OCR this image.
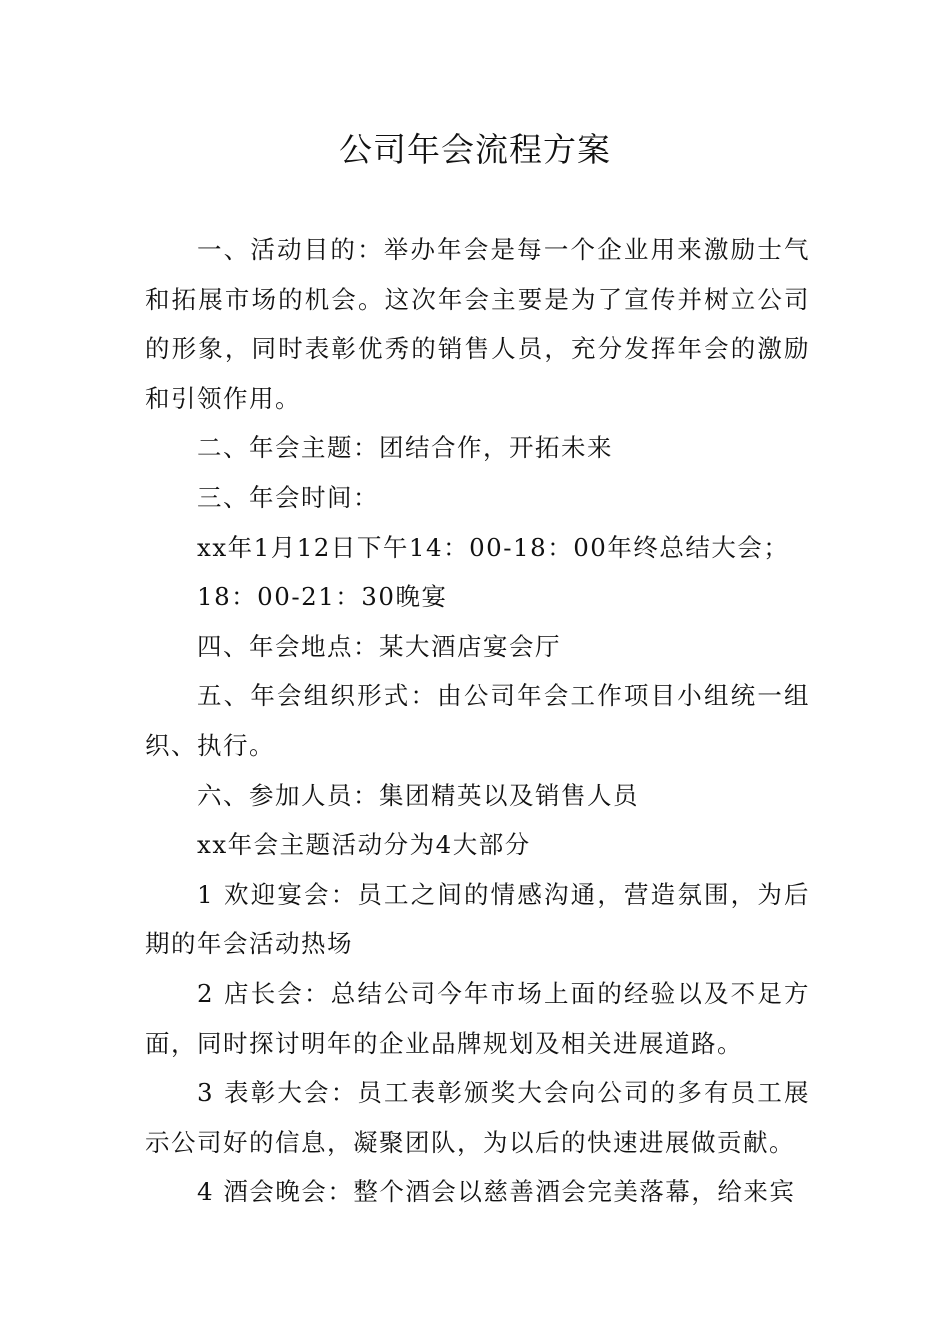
公司年会流程方案

一、活动目的：举办年会是每一个企业用来激励士气和拓展市场的机会。这次年会主要是为了宣传并树立公司的形象，同时表彰优秀的销售人员，充分发挥年会的激励和引领作用。

二、年会主题：团结合作，开拓未来

三、年会时间：

xx年1月12日下午14：00-18：00年终总结大会；

18：00-21：30晚宴

四、年会地点：某大酒店宴会厅

五、年会组织形式：由公司年会工作项目小组统一组织、执行。

六、参加人员：集团精英以及销售人员

xx年会主题活动分为4大部分

1 欢迎宴会：员工之间的情感沟通，营造氛围，为后期的年会活动热场

2 店长会：总结公司今年市场上面的经验以及不足方面，同时探讨明年的企业品牌规划及相关进展道路。

3 表彰大会：员工表彰颁奖大会向公司的多有员工展示公司好的信息，凝聚团队，为以后的快速进展做贡献。

4 酒会晚会：整个酒会以慈善酒会完美落幕，给来宾
